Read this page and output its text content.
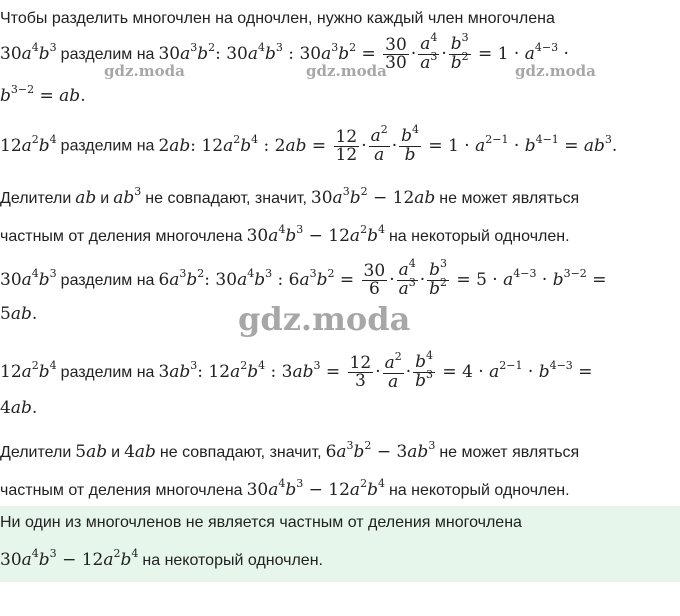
Чтобы разделить многочлен на одночлен, нужно каждый член многочлена
$30a^4b^3$ разделим на $30a^3b^2$: $30a^4b^3$ : $30a^3b^2 = \frac{30}{30} \cdot \frac{a^4}{a^3} \cdot \frac{b^3}{b^2} = 1 \cdot a^{4-3}$ ·
gdz.moda	gdz.moda	gdz.moda
$b^{3-2}$ = ab.
$12a^2b^4$ разделим на 2ab: $12a^2b^4$ : $2ab = \frac{12}{12} \cdot \frac{a^2}{a} \cdot \frac{b^4}{b} = 1 \cdot a^{2-1} \cdot b^{4-1} = ab^3$.
Делители ab и $ab^3$ не совпадают, значит, $30a^3b^2 - 12ab$ не может являться
частным от деления многочлена $30a^4b^3 - 12a^2b^4$ на некоторый одночлен.
$30a^4b^3$ разделим на $6a^3b^2$: $30a^4b^3$ : $6a^3b^2 = \frac{30}{6} \cdot \frac{a^4}{a^3} \cdot \frac{b^3}{b^2} = 5 \cdot a^{4-3} \cdot b^{3-2}$ =
5ab.	gdz.moda
$12a^2b^4$ разделим на $3ab^3$: $12a^2b^4$ : $3ab^3 = \frac{12}{3} \cdot \frac{a^2}{a} \cdot \frac{b^4}{b^3} = 4 \cdot a^{2-1} \cdot b^{4-3}$ =
4ab.
Делители 5ab и 4ab не совпадают, значит, $6a^3b^2 - 3ab^3$ не может являться
частным от деления многочлена $30a^4b^3 - 12a^2b^4$ на некоторый одночлен.
Ни один из многочленов не является частным от деления многочлена
$30a^4b^3 - 12a^2b^4$ на некоторый одночлен.
